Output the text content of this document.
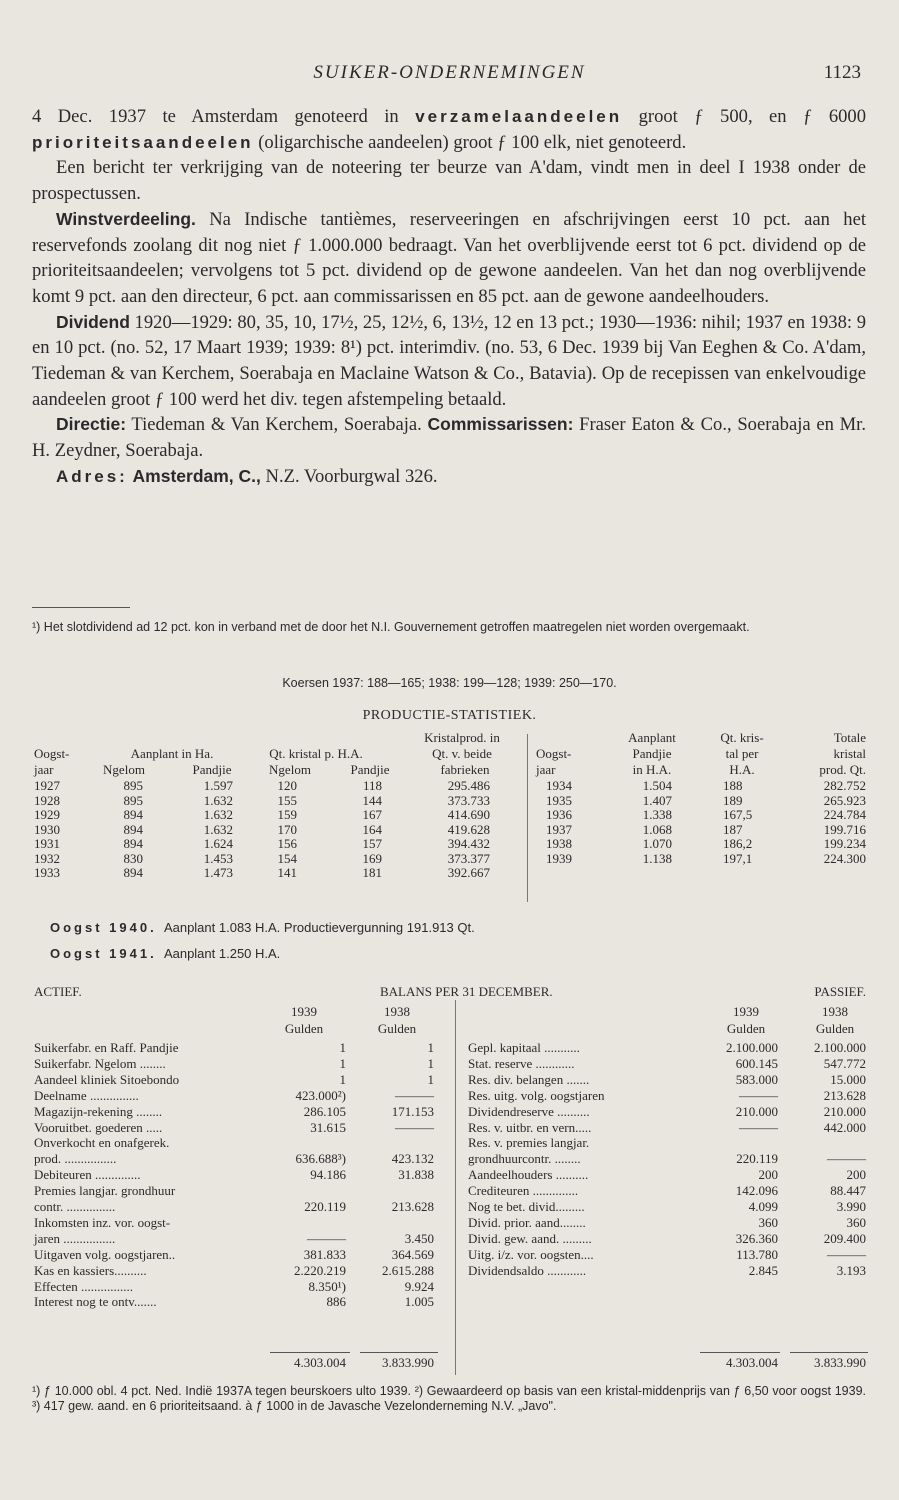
SUIKER-ONDERNEMINGEN	1123

4 Dec. 1937 te Amsterdam genoteerd in verzamelaandeelen groot ƒ 500, en ƒ 6000 prioriteitsaandeelen (oligarchische aandeelen) groot ƒ 100 elk, niet genoteerd.

Een bericht ter verkrijging van de noteering ter beurze van A'dam, vindt men in deel I 1938 onder de prospectussen.

Winstverdeeling. Na Indische tantièmes, reserveeringen en afschrijvingen eerst 10 pct. aan het reservefonds zoolang dit nog niet ƒ 1.000.000 bedraagt. Van het overblijvende eerst tot 6 pct. dividend op de prioriteitsaandeelen; vervolgens tot 5 pct. dividend op de gewone aandeelen. Van het dan nog overblijvende komt 9 pct. aan den directeur, 6 pct. aan commissarissen en 85 pct. aan de gewone aandeelhouders.

Dividend 1920—1929: 80, 35, 10, 17½, 25, 12½, 6, 13½, 12 en 13 pct.; 1930—1936: nihil; 1937 en 1938: 9 en 10 pct. (no. 52, 17 Maart 1939; 1939: 8¹) pct. interimdiv. (no. 53, 6 Dec. 1939 bij Van Eeghen & Co. A'dam, Tiedeman & van Kerchem, Soerabaja en Maclaine Watson & Co., Batavia). Op de recepissen van enkelvoudige aandeelen groot ƒ 100 werd het div. tegen afstempeling betaald.

Directie: Tiedeman & Van Kerchem, Soerabaja. Commissarissen: Fraser Eaton & Co., Soerabaja en Mr. H. Zeydner, Soerabaja.

Adres: Amsterdam, C., N.Z. Voorburgwal 326.

¹) Het slotdividend ad 12 pct. kon in verband met de door het N.I. Gouvernement getroffen maatregelen niet worden overgemaakt.
Koersen 1937: 188—165; 1938: 199—128; 1939: 250—170.
PRODUCTIE-STATISTIEK.
Kristalprod. in
Oogst-	Aanplant in Ha.	Qt. kristal p. H.A.	Qt. v. beide
jaar	Ngelom	Pandjie	Ngelom	Pandjie	fabrieken
1927	895	1.597	120	118	295.486
1928	895	1.632	155	144	373.733
1929	894	1.632	159	167	414.690
1930	894	1.632	170	164	419.628
1931	894	1.624	156	157	394.432
1932	830	1.453	154	169	373.377
1933	894	1.473	141	181	392.667
Aanplant	Qt. kris-	Totale
Oogst-	Pandjie	tal per	kristal
jaar	in H.A.	H.A.	prod. Qt.
1934	1.504	188	282.752
1935	1.407	189	265.923
1936	1.338	167,5	224.784
1937	1.068	187	199.716
1938	1.070	186,2	199.234
1939	1.138	197,1	224.300
Oogst 1940. Aanplant 1.083 H.A. Productievergunning 191.913 Qt.
Oogst 1941. Aanplant 1.250 H.A.
ACTIEF.	BALANS PER 31 DECEMBER.	PASSIEF.
1939	1938
Gulden	Gulden
1939	1938
Gulden	Gulden
Suikerfabr. en Raff. Pandjie	1	1
Suikerfabr. Ngelom ........	1	1
Aandeel kliniek Sitoebondo	1	1
Deelname ...............	423.000²)	———
Magazijn-rekening ........	286.105	171.153
Vooruitbet. goederen .....	31.615	———
Onverkocht en onafgerek.
prod. ................	636.688³)	423.132
Debiteuren ..............	94.186	31.838
Premies langjar. grondhuur
contr. ...............	220.119	213.628
Inkomsten inz. vor. oogst-
jaren ................	———	3.450
Uitgaven volg. oogstjaren..	381.833	364.569
Kas en kassiers..........	2.220.219	2.615.288
Effecten ................	8.350¹)	9.924
Interest nog te ontv.......	886	1.005
Gepl. kapitaal ...........	2.100.000	2.100.000
Stat. reserve ............	600.145	547.772
Res. div. belangen .......	583.000	15.000
Res. uitg. volg. oogstjaren	———	213.628
Dividendreserve ..........	210.000	210.000
Res. v. uitbr. en vern.....	———	442.000
Res. v. premies langjar.
grondhuurcontr. ........	220.119	———
Aandeelhouders ..........	200	200
Crediteuren ..............	142.096	88.447
Nog te bet. divid.........	4.099	3.990
Divid. prior. aand........	360	360
Divid. gew. aand. .........	326.360	209.400
Uitg. i/z. vor. oogsten....	113.780	———
Dividendsaldo ............	2.845	3.193
4.303.004	3.833.990	4.303.004	3.833.990
¹) ƒ 10.000 obl. 4 pct. Ned. Indië 1937A tegen beurskoers ulto 1939. ²) Gewaardeerd op basis van een kristal-middenprijs van ƒ 6,50 voor oogst 1939. ³) 417 gew. aand. en 6 prioriteitsaand. à ƒ 1000 in de Javasche Vezelonderneming N.V. „Javo".
